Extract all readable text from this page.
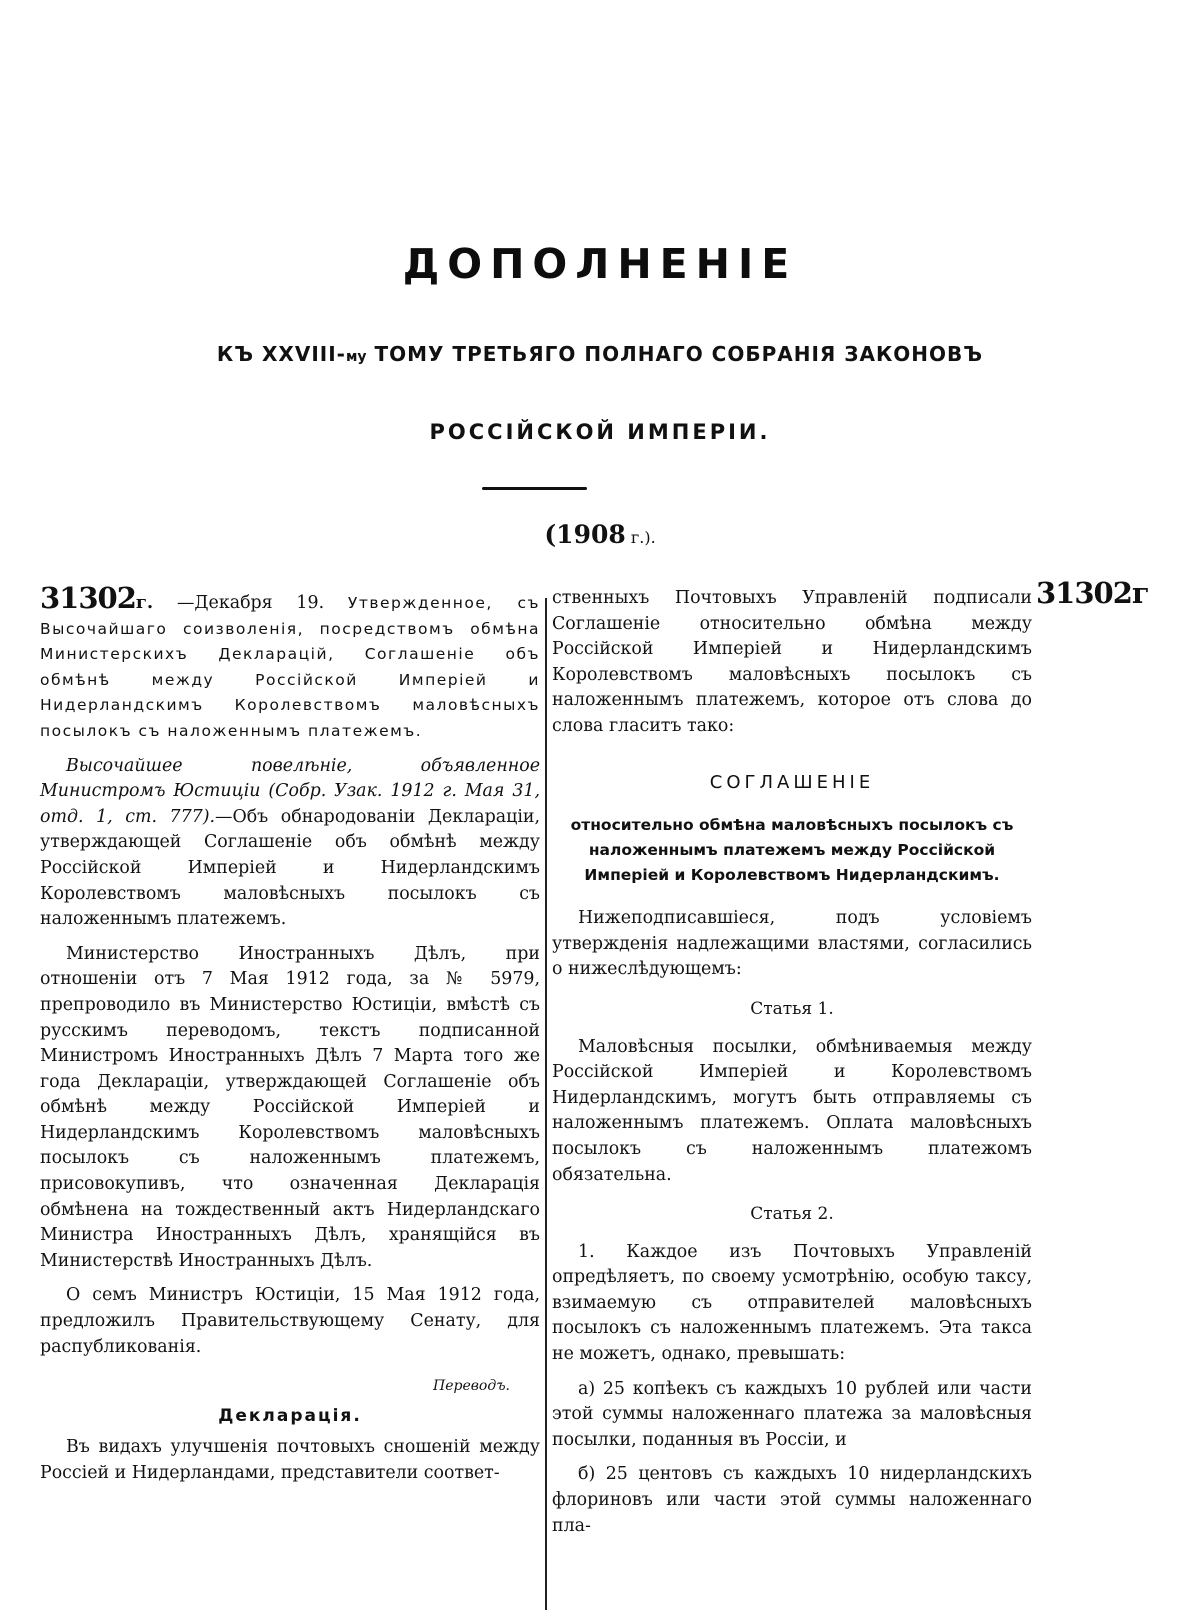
ДОПОЛНЕНІЕ
КЪ XXVIII-му ТОМУ ТРЕТЬЯГО ПОЛНАГО СОБРАНІЯ ЗАКОНОВЪ
РОССІЙСКОЙ ИМПЕРІИ.
(1908 г.).
31302г

31302г. —Декабря 19. Утвержденное, съ Высочайшаго соизволенія, посредствомъ обмѣна Министерскихъ Декларацій, Соглашеніе объ обмѣнѣ между Россійской Имперіей и Нидерландскимъ Королевствомъ маловѣсныхъ посылокъ съ наложеннымъ платежемъ.

Высочайшее повелѣніе, объявленное Министромъ Юстиціи (Собр. Узак. 1912 г. Мая 31, отд. 1, ст. 777).—Объ обнародованіи Деклараціи, утверждающей Соглашеніе объ обмѣнѣ между Россійской Имперіей и Нидерландскимъ Королевствомъ маловѣсныхъ посылокъ съ наложеннымъ платежемъ.

Министерство Иностранныхъ Дѣлъ, при отношеніи отъ 7 Мая 1912 года, за № 5979, препроводило въ Министерство Юстиціи, вмѣстѣ съ русскимъ переводомъ, текстъ подписанной Министромъ Иностранныхъ Дѣлъ 7 Марта того же года Деклараціи, утверждающей Соглашеніе объ обмѣнѣ между Россійской Имперіей и Нидерландскимъ Королевствомъ маловѣсныхъ посылокъ съ наложеннымъ платежемъ, присовокупивъ, что означенная Декларація обмѣнена на тождественный актъ Нидерландскаго Министра Иностранныхъ Дѣлъ, хранящійся въ Министерствѣ Иностранныхъ Дѣлъ.

О семъ Министръ Юстиціи, 15 Мая 1912 года, предложилъ Правительствующему Сенату, для распубликованія.

Переводъ.
Декларація.

Въ видахъ улучшенія почтовыхъ сношеній между Россіей и Нидерландами, представители соответ-

ственныхъ Почтовыхъ Управленій подписали Соглашеніе относительно обмѣна между Россійской Имперіей и Нидерландскимъ Королевствомъ маловѣсныхъ посылокъ съ наложеннымъ платежемъ, которое отъ слова до слова гласитъ тако:

СОГЛАШЕНІЕ
относительно обмѣна маловѣсныхъ посылокъ съ наложеннымъ платежемъ между Россійской Имперіей и Королевствомъ Нидерландскимъ.

Нижеподписавшіеся, подъ условіемъ утвержденія надлежащими властями, согласились о нижеслѣдующемъ:

Статья 1.

Маловѣсныя посылки, обмѣниваемыя между Россійской Имперіей и Королевствомъ Нидерландскимъ, могутъ быть отправляемы съ наложеннымъ платежемъ. Оплата маловѣсныхъ посылокъ съ наложеннымъ платежомъ обязательна.

Статья 2.

1. Каждое изъ Почтовыхъ Управленій опредѣляетъ, по своему усмотрѣнію, особую таксу, взимаемую съ отправителей маловѣсныхъ посылокъ съ наложеннымъ платежемъ. Эта такса не можетъ, однако, превышать:

а) 25 копѣекъ съ каждыхъ 10 рублей или части этой суммы наложеннаго платежа за маловѣсныя посылки, поданныя въ Россіи, и

б) 25 центовъ съ каждыхъ 10 нидерландскихъ флориновъ или части этой суммы наложеннаго пла-
